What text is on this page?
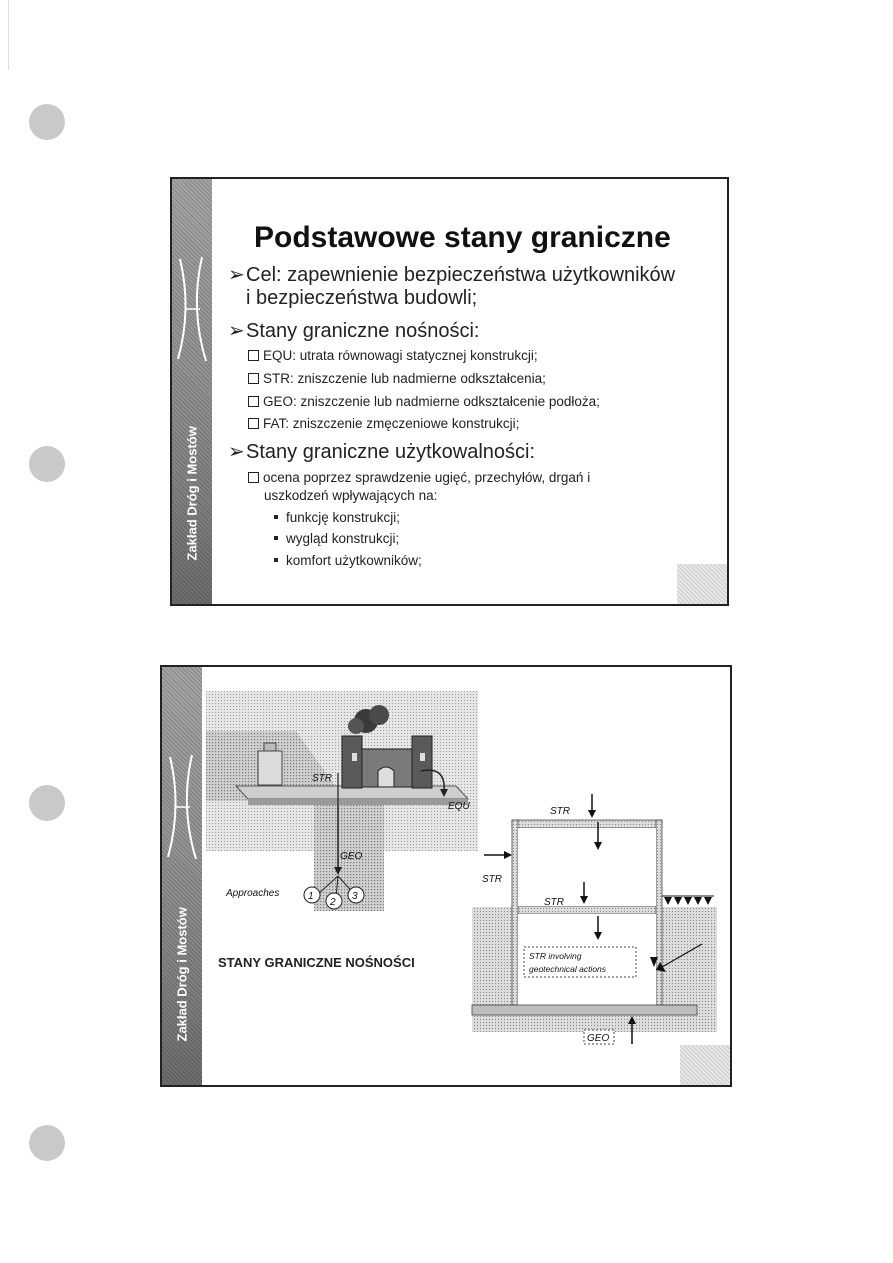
Zakład Dróg i Mostów
Podstawowe stany graniczne
➢Cel: zapewnienie bezpieczeństwa użytkowników
i bezpieczeństwa budowli;
➢Stany graniczne nośności:
EQU: utrata równowagi statycznej konstrukcji;
STR: zniszczenie lub nadmierne odkształcenia;
GEO: zniszczenie lub nadmierne odkształcenie podłoża;
FAT: zniszczenie zmęczeniowe konstrukcji;
➢Stany graniczne użytkowalności:
ocena poprzez sprawdzenie ugięć, przechyłów, drgań i
uszkodzeń wpływających na:
funkcję konstrukcji;
wygląd konstrukcji;
komfort użytkowników;
Zakład Dróg i Mostów
STR
EQU
GEO
Approaches	1
2
3
STANY GRANICZNE NOŚNOŚCI
STR
STR
STR
STR involving
geotechnical actions
GEO
